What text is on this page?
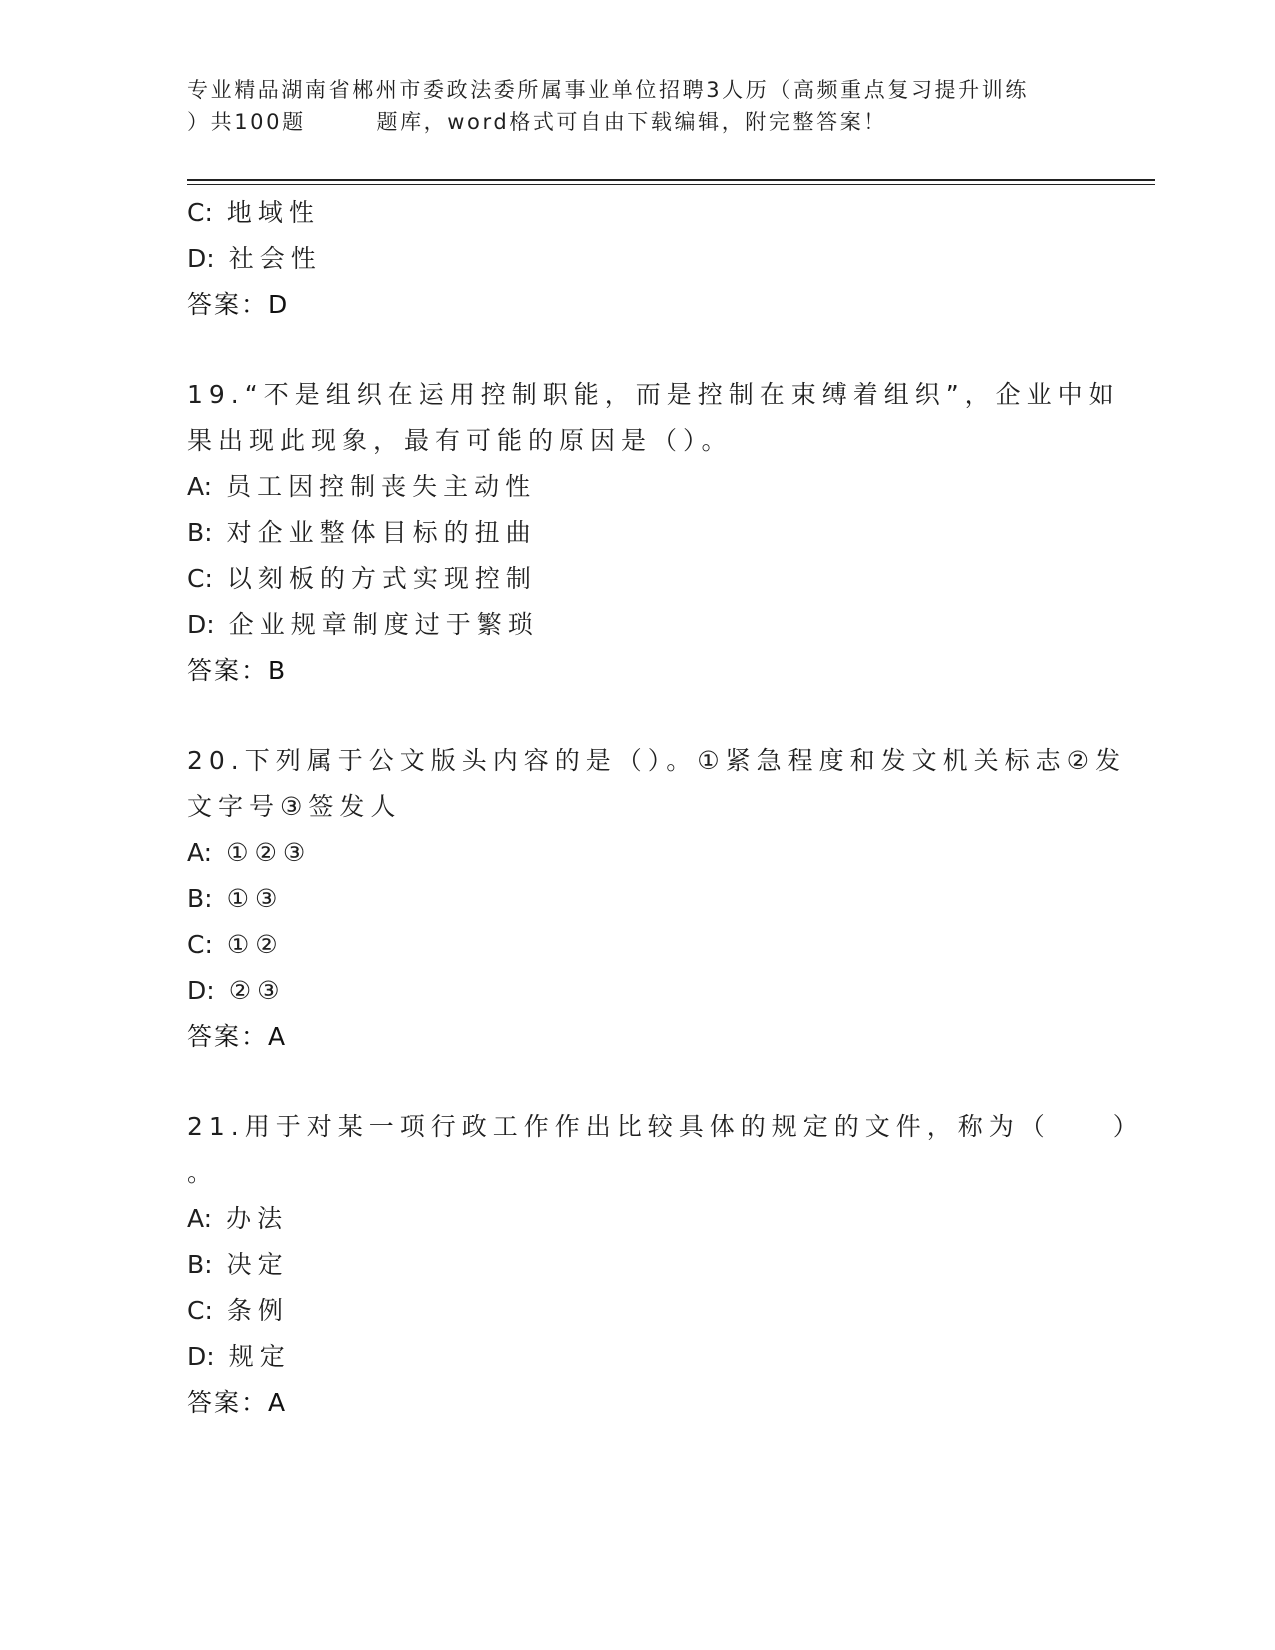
专业精品湖南省郴州市委政法委所属事业单位招聘3人历（高频重点复习提升训练
）共100题　　　题库，word格式可自由下载编辑，附完整答案！
C: 地域性
D: 社会性
答案：D
19.“不是组织在运用控制职能，而是控制在束缚着组织”，企业中如
果出现此现象，最有可能的原因是（）。
A: 员工因控制丧失主动性
B: 对企业整体目标的扭曲
C: 以刻板的方式实现控制
D: 企业规章制度过于繁琐
答案：B
20.下列属于公文版头内容的是（）。①紧急程度和发文机关标志②发
文字号③签发人
A: ①②③
B: ①③
C: ①②
D: ②③
答案：A
21.用于对某一项行政工作作出比较具体的规定的文件，称为（　　）
。
A: 办法
B: 决定
C: 条例
D: 规定
答案：A
